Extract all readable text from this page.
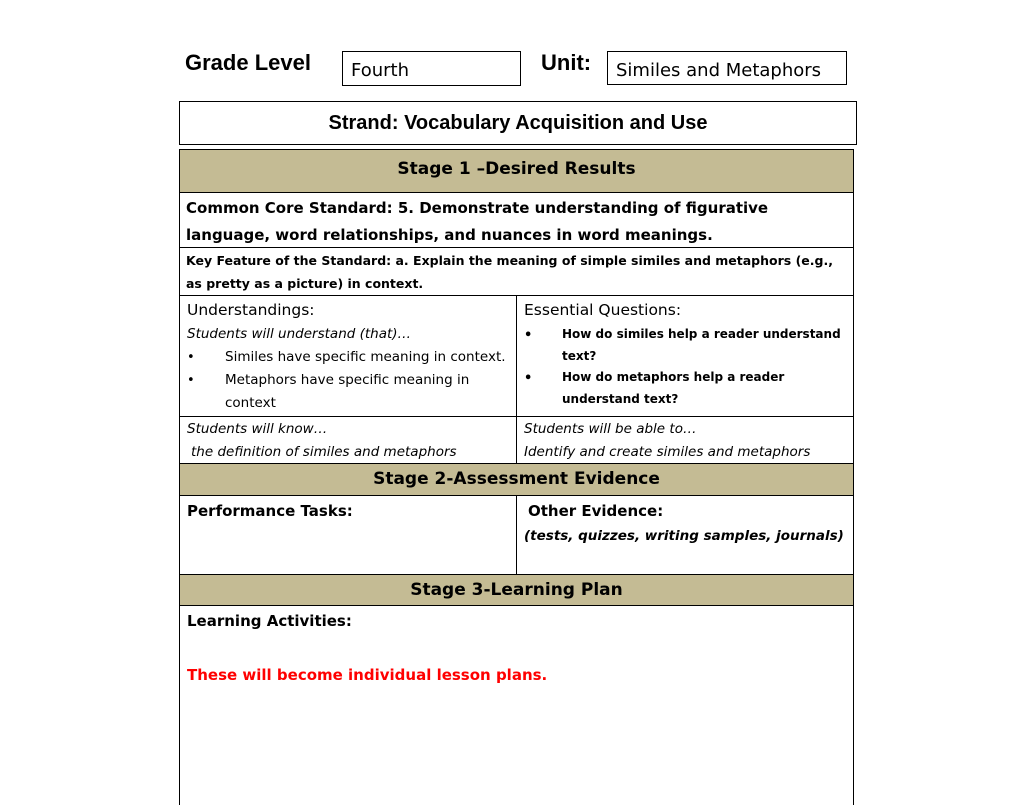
Grade Level	Fourth	Unit:	Similes and Metaphors
Strand: Vocabulary Acquisition and Use
Stage 1 –Desired Results
Common Core Standard: 5. Demonstrate understanding of figurative language, word relationships, and nuances in word meanings.
Key Feature of the Standard: a. Explain the meaning of simple similes and metaphors (e.g., as pretty as a picture) in context.
Understandings:
Students will understand (that)…
• Similes have specific meaning in context.
• Metaphors have specific meaning in context
Essential Questions:
• How do similes help a reader understand text?
• How do metaphors help a reader understand text?
Students will know…
the definition of similes and metaphors
Students will be able to…
Identify and create similes and metaphors
Stage 2-Assessment Evidence
Performance Tasks:	Other Evidence:
(tests, quizzes, writing samples, journals)
Stage 3-Learning Plan
Learning Activities:
These will become individual lesson plans.
